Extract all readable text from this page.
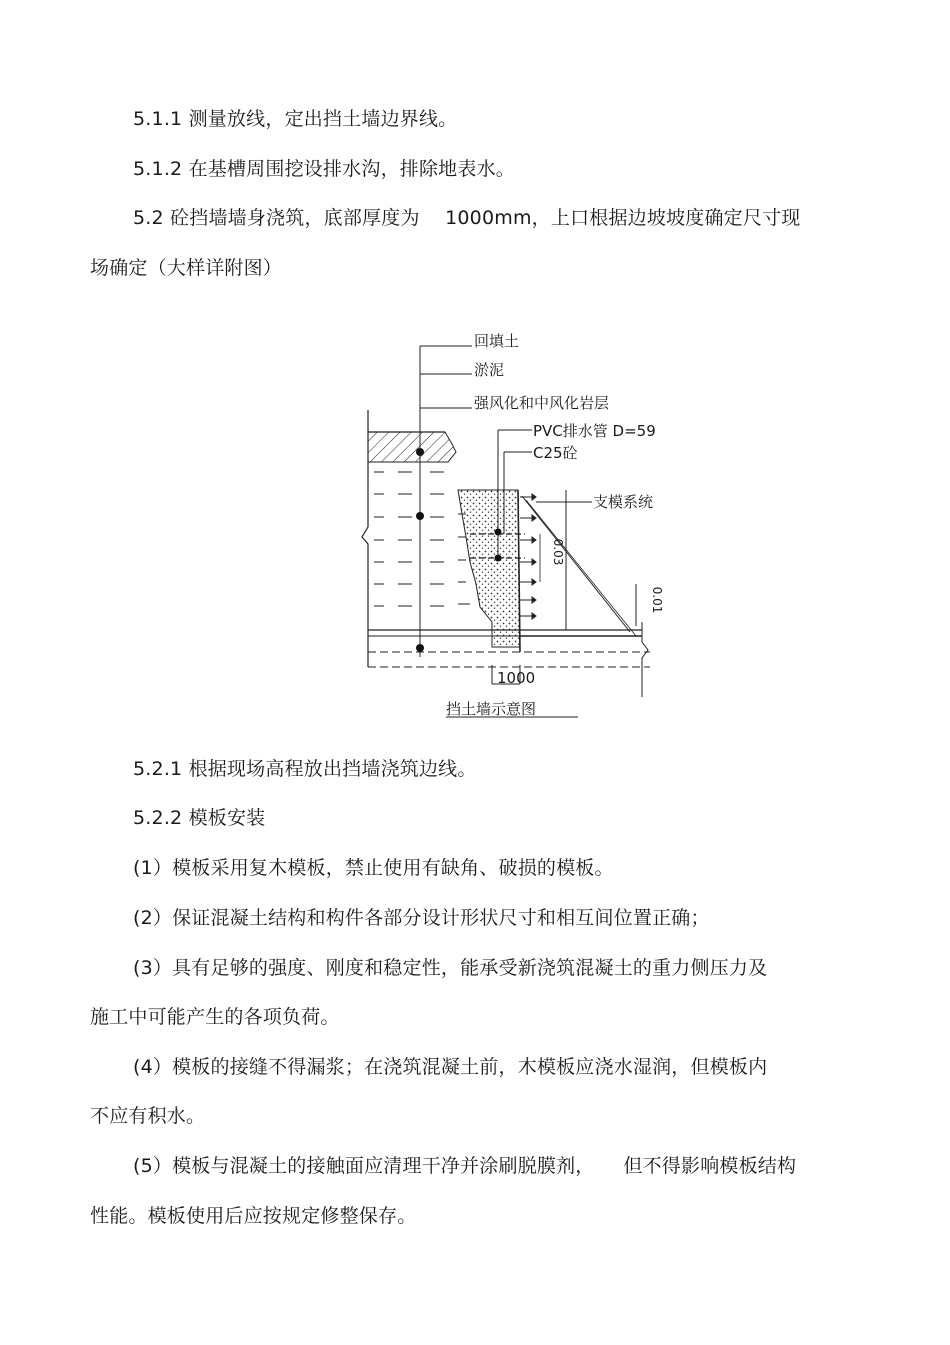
5.1.1 测量放线，定出挡土墙边界线。
5.1.2 在基槽周围挖设排水沟，排除地表水。
5.2 砼挡墙墙身浇筑，底部厚度为　 1000mm，上口根据边坡坡度确定尺寸现
场确定（大样详附图）
0.01
0.03
回填土
淤泥
强风化和中风化岩层
PVC排水管 D=59
C25砼
支模系统
1000
挡土墙示意图
5.2.1 根据现场高程放出挡墙浇筑边线。
5.2.2 模板安装
(1）模板采用复木模板，禁止使用有缺角、破损的模板。
(2）保证混凝土结构和构件各部分设计形状尺寸和相互间位置正确；
(3）具有足够的强度、刚度和稳定性，能承受新浇筑混凝土的重力侧压力及
施工中可能产生的各项负荷。
(4）模板的接缝不得漏浆；在浇筑混凝土前，木模板应浇水湿润，但模板内
不应有积水。
(5）模板与混凝土的接触面应清理干净并涂刷脱膜剂，　　但不得影响模板结构
性能。模板使用后应按规定修整保存。
